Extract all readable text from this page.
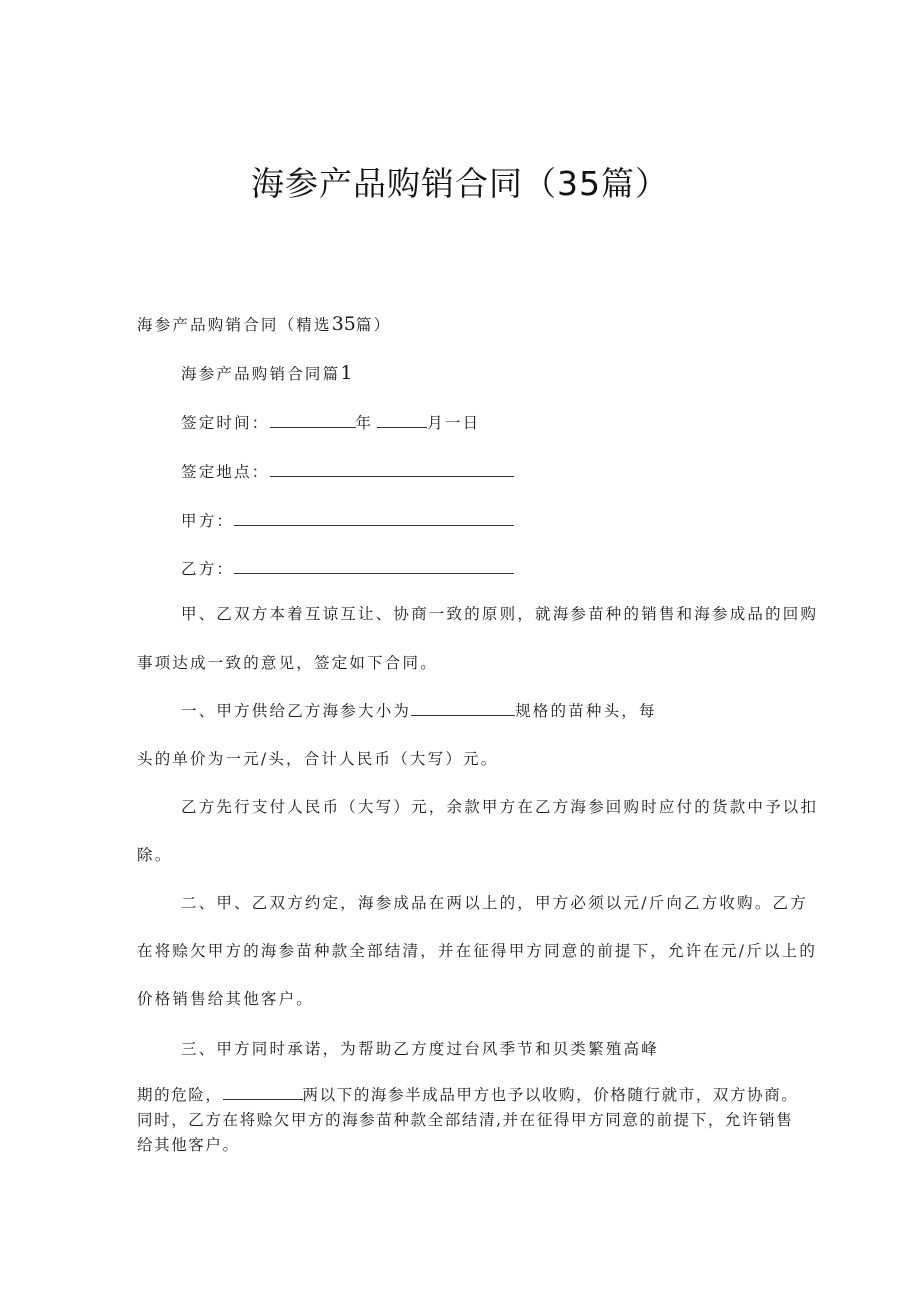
海参产品购销合同（35篇）
海参产品购销合同（精选35篇）
海参产品购销合同篇1
签定时间：	年	月一日
签定地点：
甲方：
乙方：
甲、乙双方本着互谅互让、协商一致的原则，就海参苗种的销售和海参成品的回购
事项达成一致的意见，签定如下合同。
一、甲方供给乙方海参大小为	规格的苗种头，每
头的单价为一元/头，合计人民币（大写）元。
乙方先行支付人民币（大写）元，余款甲方在乙方海参回购时应付的货款中予以扣
除。
二、甲、乙双方约定，海参成品在两以上的，甲方必须以元/斤向乙方收购。乙方
在将赊欠甲方的海参苗种款全部结清，并在征得甲方同意的前提下，允许在元/斤以上的
价格销售给其他客户。
三、甲方同时承诺，为帮助乙方度过台风季节和贝类繁殖高峰
期的危险，	两以下的海参半成品甲方也予以收购，价格随行就市，双方协商。
同时，乙方在将赊欠甲方的海参苗种款全部结清,并在征得甲方同意的前提下，允许销售
给其他客户。
